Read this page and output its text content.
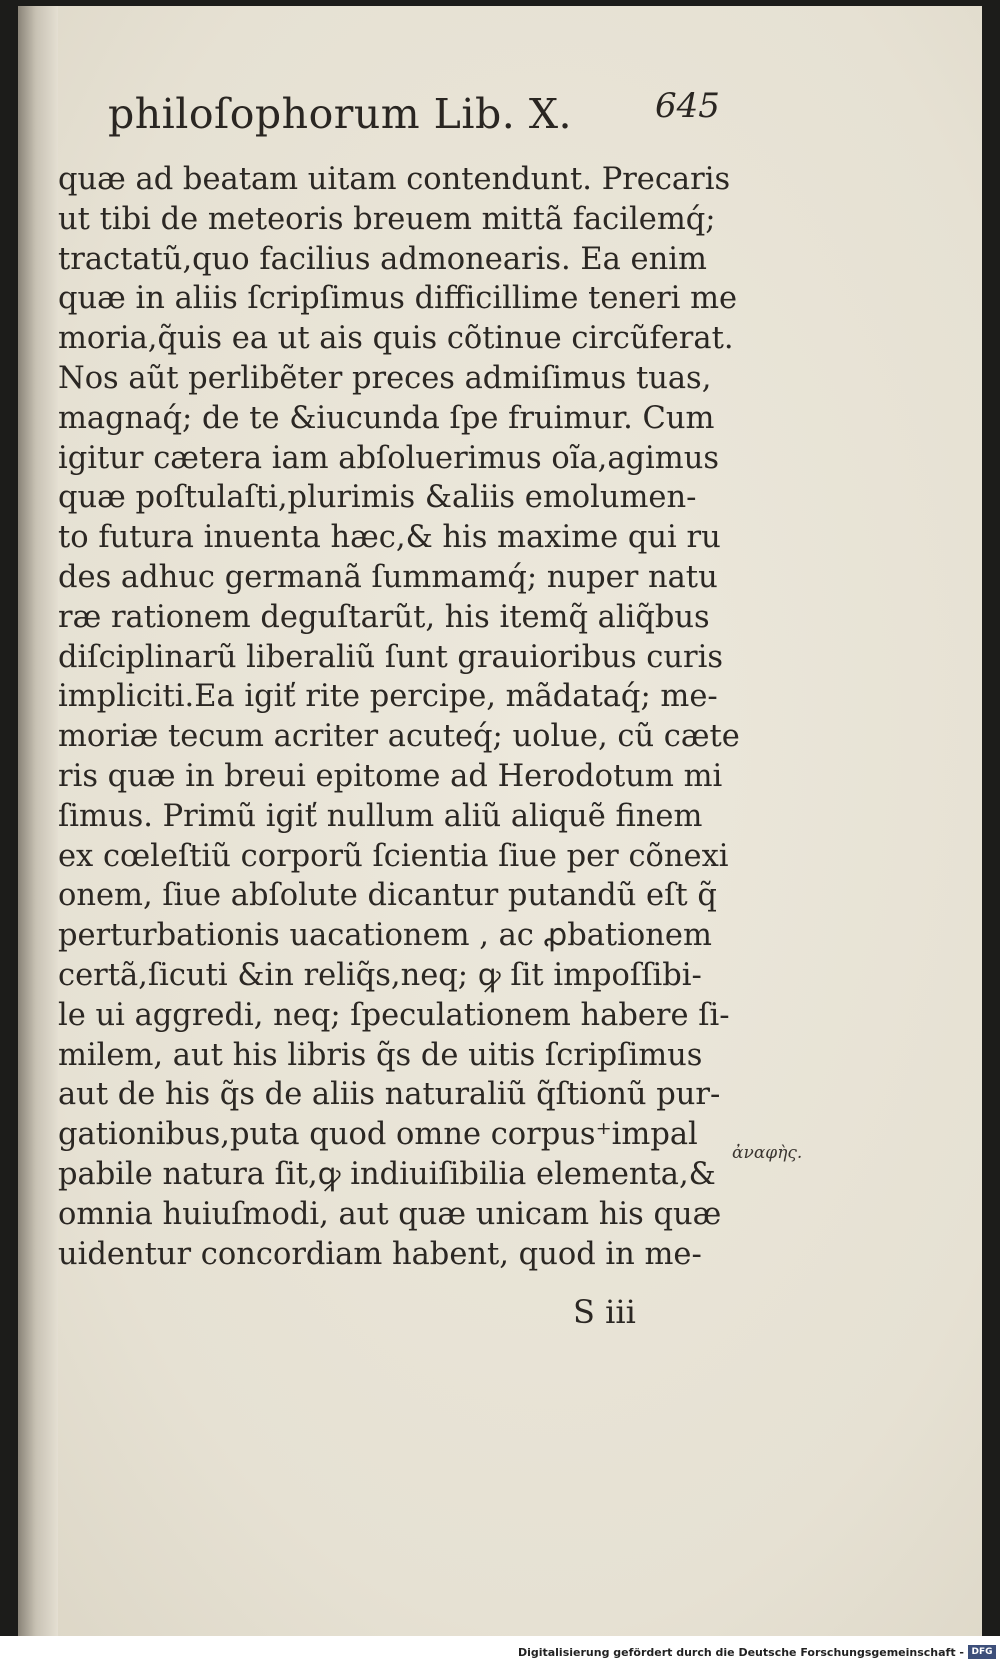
philoſophorum Lib. X.	645
quæ ad beatam uitam contendunt. Precaris
ut tibi de meteoris breuem mittã facilemq́;
tractatũ,quo facilius admonearis. Ea enim
quæ in aliis ſcripſimus difficillime teneri me
moria,q̃uis ea ut ais quis cõtinue circũferat.
Nos aũt perlibẽter preces admiſimus tuas,
magnaq́; de te &iucunda ſpe fruimur. Cum
igitur cætera iam abſoluerimus oĩa,agimus
quæ poſtulaſti,plurimis &aliis emolumen-
to futura inuenta hæc,& his maxime qui ru
des adhuc germanã ſummamq́; nuper natu
ræ rationem deguſtarũt, his itemq̃ aliq̃bus
diſciplinarũ liberaliũ ſunt grauioribus curis
impliciti.Ea igiť rite percipe, mãdataq́; me-
moriæ tecum acriter acuteq́; uolue, cũ cæte
ris quæ in breui epitome ad Herodotum mi
ſimus. Primũ igiť nullum aliũ aliquẽ finem
ex cœleſtiũ corporũ ſcientia ſiue per cõnexi
onem, ſiue abſolute dicantur putandũ eſt q̃
perturbationis uacationem , ac ꝓbationem
certã,ſicuti &in reliq̃s,neq; ꝙ ſit impoſſibi-
le ui aggredi, neq; ſpeculationem habere ſi-
milem, aut his libris q̃s de uitis ſcripſimus
aut de his q̃s de aliis naturaliũ q̃ſtionũ pur-
gationibus,puta quod omne corpus⁺impal
pabile natura ſit,ꝙ indiuiſibilia elementa,&
omnia huiuſmodi, aut quæ unicam his quæ
uidentur concordiam habent, quod in me-
ἀναφὴς.
S iii
Digitalisierung gefördert durch die Deutsche Forschungsgemeinschaft - DFG
